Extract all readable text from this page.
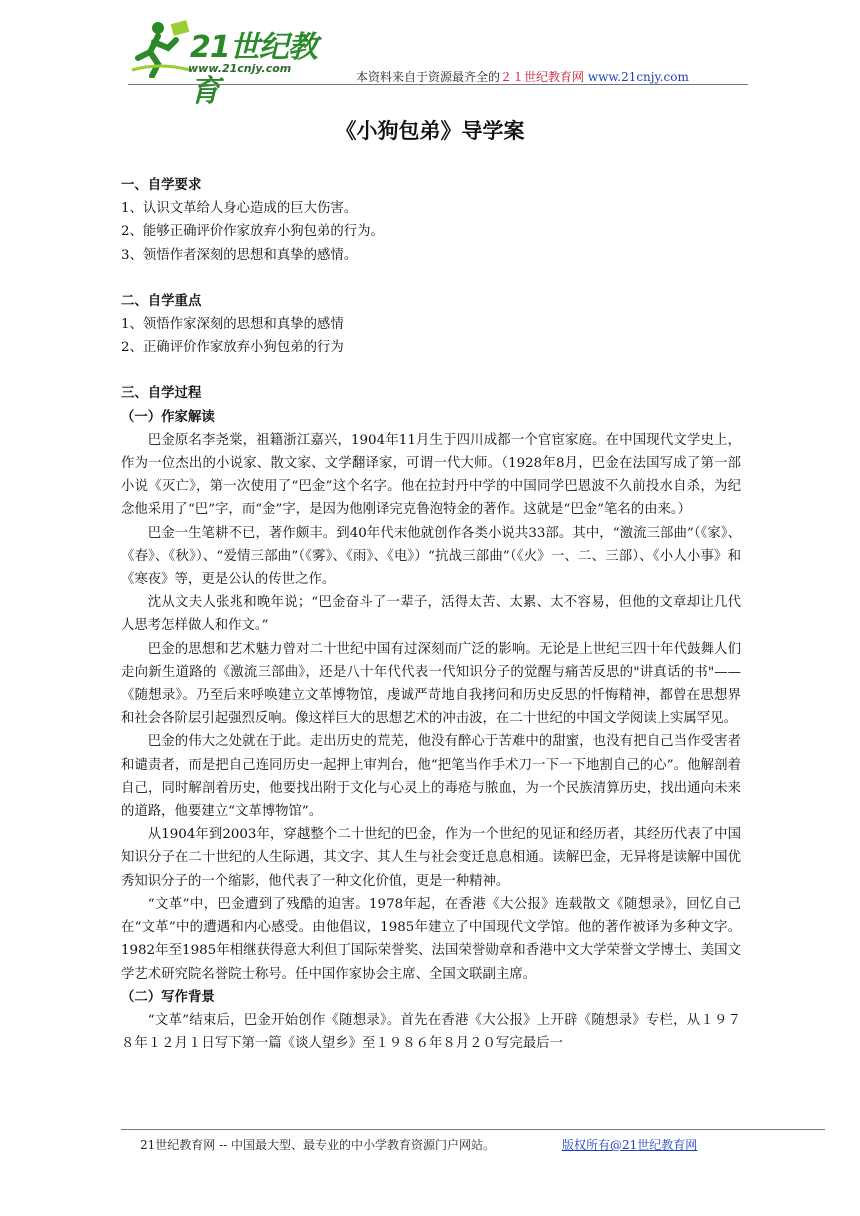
21世纪教育
www.21cnjy.com
本资料来自于资源最齐全的２１世纪教育网 www.21cnjy.com
《小狗包弟》导学案

一、自学要求

1、认识文革给人身心造成的巨大伤害。

2、能够正确评价作家放弃小狗包弟的行为。

3、领悟作者深刻的思想和真挚的感情。

二、自学重点

1、领悟作家深刻的思想和真挚的感情

2、正确评价作家放弃小狗包弟的行为

三、自学过程

（一）作家解读

巴金原名李尧棠，祖籍浙江嘉兴，1904年11月生于四川成都一个官宦家庭。在中国现代文学史上，作为一位杰出的小说家、散文家、文学翻译家，可谓一代大师。（1928年8月，巴金在法国写成了第一部小说《灭亡》，第一次使用了“巴金”这个名字。他在拉封丹中学的中国同学巴恩波不久前投水自杀，为纪念他采用了“巴”字，而“金”字，是因为他刚译完克鲁泡特金的著作。这就是“巴金”笔名的由来。）

巴金一生笔耕不已，著作颇丰。到40年代末他就创作各类小说共33部。其中，“激流三部曲”（《家》、《春》、《秋》）、“爱情三部曲”（《雾》、《雨》、《电》）“抗战三部曲”（《火》一、二、三部）、《小人小事》和《寒夜》等，更是公认的传世之作。

沈从文夫人张兆和晚年说；“巴金奋斗了一辈子，活得太苦、太累、太不容易，但他的文章却让几代人思考怎样做人和作文。”

巴金的思想和艺术魅力曾对二十世纪中国有过深刻而广泛的影响。无论是上世纪三四十年代鼓舞人们走向新生道路的《激流三部曲》，还是八十年代代表一代知识分子的觉醒与痛苦反思的"讲真话的书"——《随想录》。乃至后来呼唤建立文革博物馆，虔诚严苛地自我拷问和历史反思的忏悔精神，都曾在思想界和社会各阶层引起强烈反响。像这样巨大的思想艺术的冲击波，在二十世纪的中国文学阅读上实属罕见。

巴金的伟大之处就在于此。走出历史的荒芜，他没有醉心于苦难中的甜蜜，也没有把自己当作受害者和谴责者，而是把自己连同历史一起押上审判台，他“把笔当作手术刀一下一下地割自己的心”。他解剖着自己，同时解剖着历史，他要找出附于文化与心灵上的毒疮与脓血，为一个民族清算历史，找出通向未来的道路，他要建立“文革博物馆”。

从1904年到2003年，穿越整个二十世纪的巴金，作为一个世纪的见证和经历者，其经历代表了中国知识分子在二十世纪的人生际遇，其文字、其人生与社会变迁息息相通。读解巴金，无异将是读解中国优秀知识分子的一个缩影，他代表了一种文化价值，更是一种精神。

“文革”中，巴金遭到了残酷的迫害。1978年起，在香港《大公报》连载散文《随想录》，回忆自己在“文革”中的遭遇和内心感受。由他倡议，1985年建立了中国现代文学馆。他的著作被译为多种文字。1982年至1985年相继获得意大利但丁国际荣誉奖、法国荣誉勋章和香港中文大学荣誉文学博士、美国文学艺术研究院名誉院士称号。任中国作家协会主席、全国文联副主席。

（二）写作背景

“文革”结束后，巴金开始创作《随想录》。首先在香港《大公报》上开辟《随想录》专栏，从１９７８年１２月１日写下第一篇《谈人望乡》至１９８６年８月２０写完最后一

21世纪教育网 -- 中国最大型、最专业的中小学教育资源门户网站。	版权所有@21世纪教育网
